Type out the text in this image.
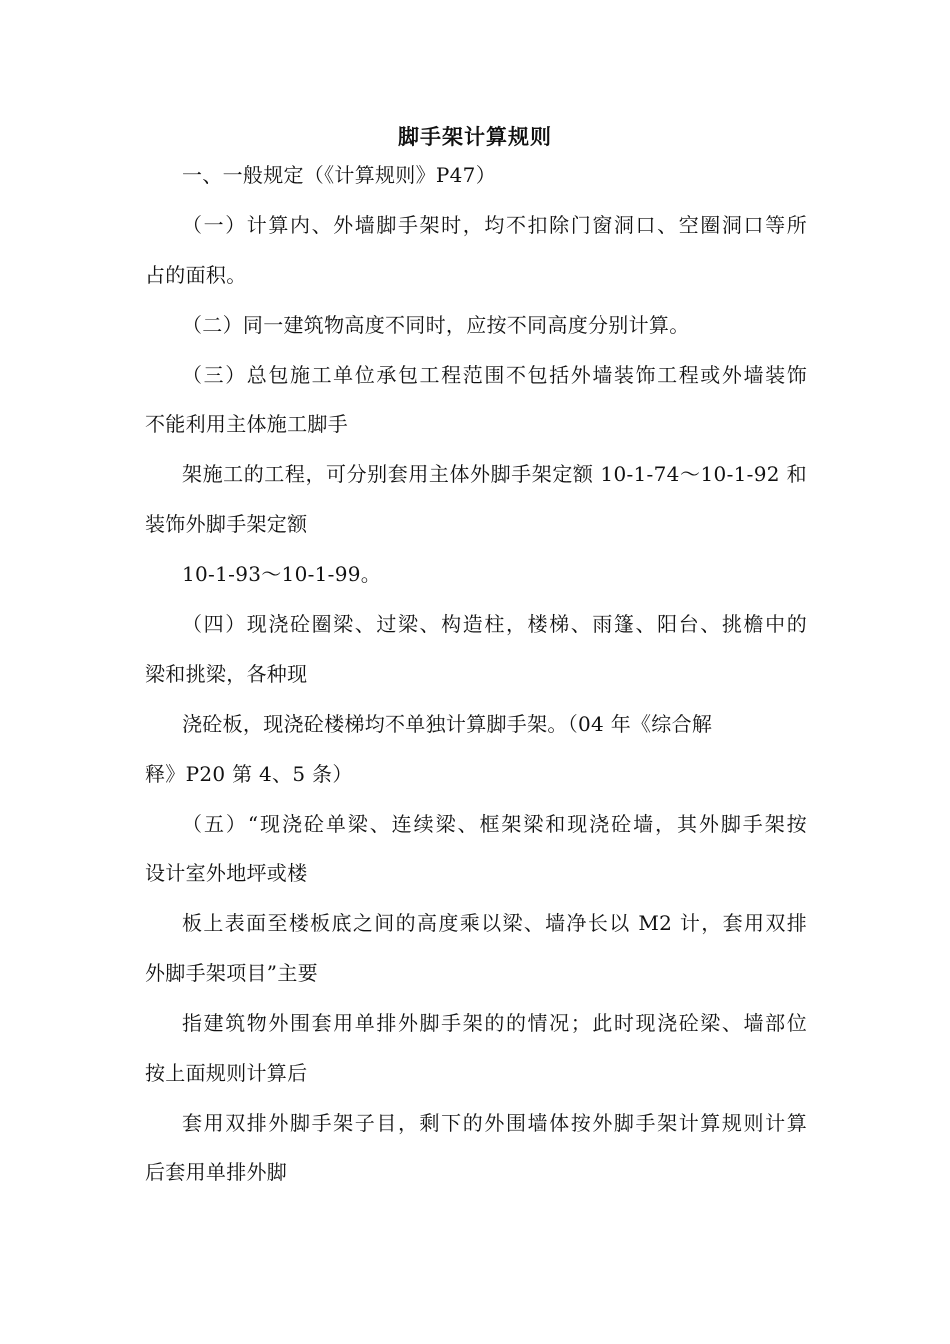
脚手架计算规则
一、一般规定（《计算规则》P47）
（一）计算内、外墙脚手架时，均不扣除门窗洞口、空圈洞口等所
占的面积。
（二）同一建筑物高度不同时，应按不同高度分别计算。
（三）总包施工单位承包工程范围不包括外墙装饰工程或外墙装饰
不能利用主体施工脚手
架施工的工程，可分别套用主体外脚手架定额 10-1-74～10-1-92 和
装饰外脚手架定额
10-1-93～10-1-99。
（四）现浇砼圈梁、过梁、构造柱，楼梯、雨篷、阳台、挑檐中的
梁和挑梁，各种现
浇砼板，现浇砼楼梯均不单独计算脚手架。（04 年《综合解
释》P20 第 4、5 条）
（五）“现浇砼单梁、连续梁、框架梁和现浇砼墙，其外脚手架按
设计室外地坪或楼
板上表面至楼板底之间的高度乘以梁、墙净长以 M2 计，套用双排
外脚手架项目”主要
指建筑物外围套用单排外脚手架的的情况；此时现浇砼梁、墙部位
按上面规则计算后
套用双排外脚手架子目，剩下的外围墙体按外脚手架计算规则计算
后套用单排外脚
